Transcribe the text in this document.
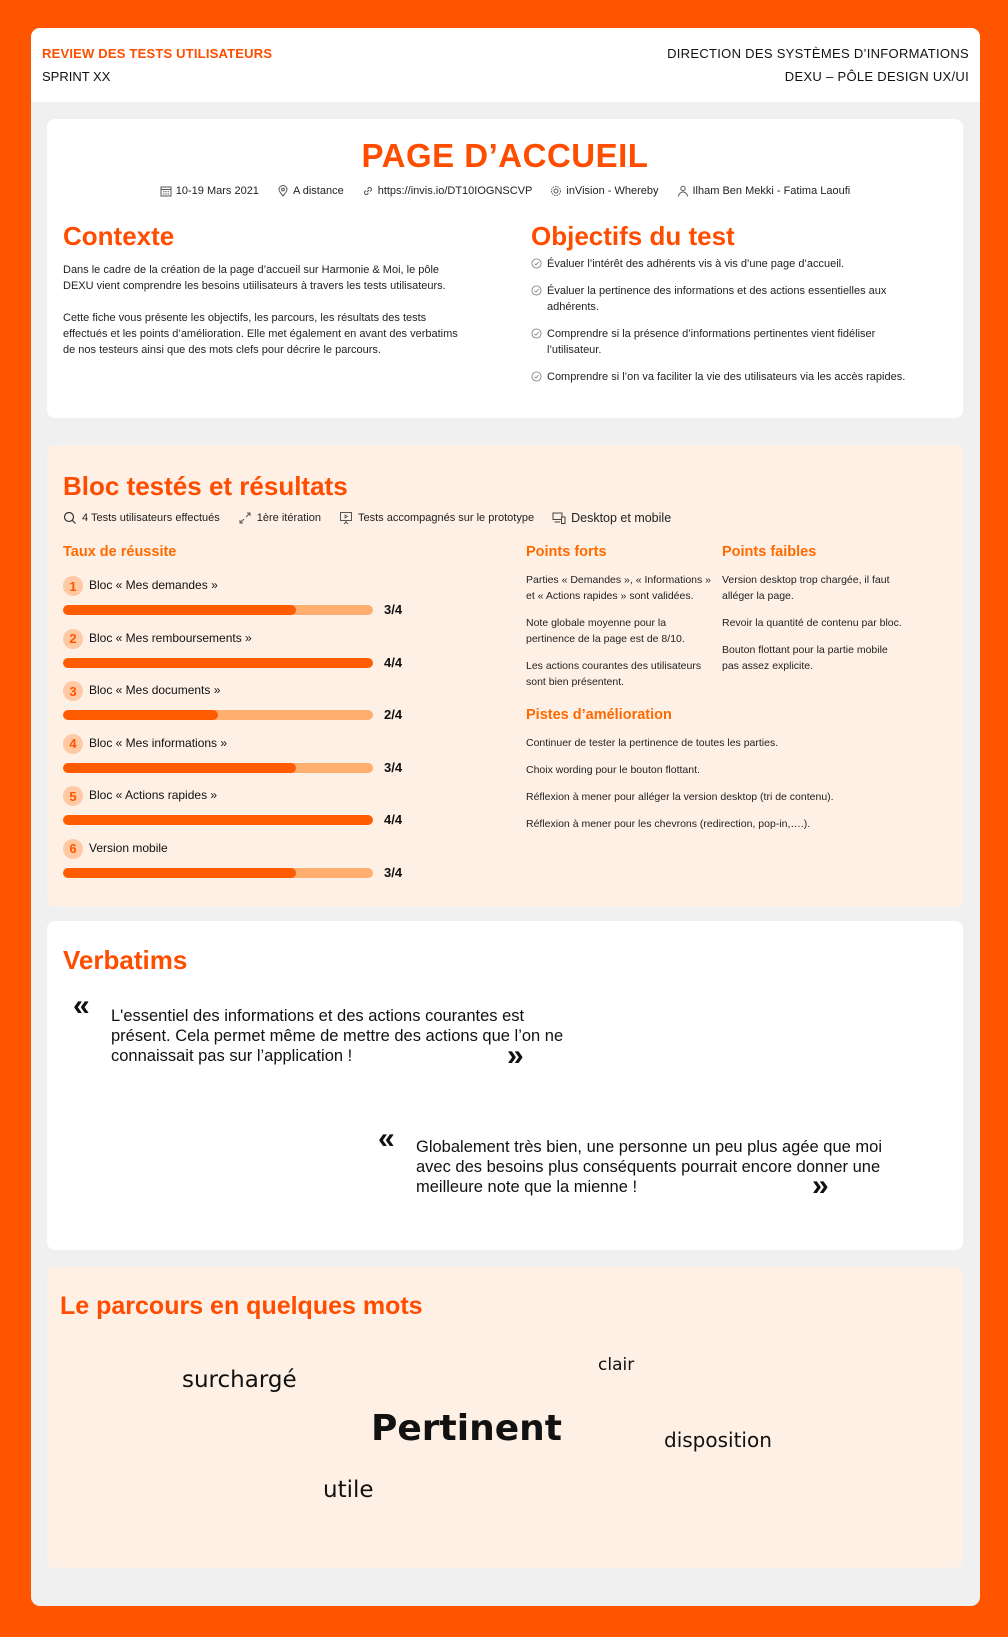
REVIEW DES TESTS UTILISATEURS
SPRINT XX
DIRECTION DES SYSTÈMES D’INFORMATIONS
DEXU – PÔLE DESIGN UX/UI
PAGE D’ACCUEIL
10-19 Mars 2021	A distance	https://invis.io/DT10IOGNSCVP	inVision - Whereby	Ilham Ben Mekki - Fatima Laoufi
Contexte

Dans le cadre de la création de la page d’accueil sur Harmonie & Moi, le pôle DEXU vient comprendre les besoins utiilisateurs à travers les tests utilisateurs.

Cette fiche vous présente les objectifs, les parcours, les résultats des tests effectués et les points d’amélioration. Elle met également en avant des verbatims de nos testeurs ainsi que des mots clefs pour décrire le parcours.

Objectifs du test
Évaluer l’intérêt des adhérents vis à vis d’une page d’accueil.
Évaluer la pertinence des informations et des actions essentielles aux adhérents.
Comprendre si la présence d’informations pertinentes vient fidéliser l’utilisateur.
Comprendre si l’on va faciliter la vie des utilisateurs via les accès rapides.
Bloc testés et résultats
4 Tests utilisateurs effectués	1ère itération	Tests accompagnés sur le prototype	Desktop et mobile
Taux de réussite
1	Bloc « Mes demandes »
3/4
2	Bloc « Mes remboursements »
4/4
3	Bloc « Mes documents »
2/4
4	Bloc « Mes informations »
3/4
5	Bloc « Actions rapides »
4/4
6	Version mobile
3/4
Points forts

Parties « Demandes », « Informations » et « Actions rapides » sont validées.

Note globale moyenne pour la pertinence de la page est de 8/10.

Les actions courantes des utilisateurs sont bien présentent.

Points faibles

Version desktop trop chargée, il faut alléger la page.

Revoir la quantité de contenu par bloc.

Bouton flottant pour la partie mobile pas assez explicite.

Pistes d’amélioration

Continuer de tester la pertinence de toutes les parties.

Choix wording pour le bouton flottant.

Réflexion à mener pour alléger la version desktop (tri de contenu).

Réflexion à mener pour les chevrons (redirection, pop-in,….).

Verbatims
« L'essentiel des informations et des actions courantes est présent. Cela permet même de mettre des actions que l’on ne connaissait pas sur l’application !	»
« Globalement très bien, une personne un peu plus agée que moi avec des besoins plus conséquents pourrait encore donner une meilleure note que la mienne !	»
Le parcours en quelques mots
surchargé
clair
Pertinent	disposition
utile
